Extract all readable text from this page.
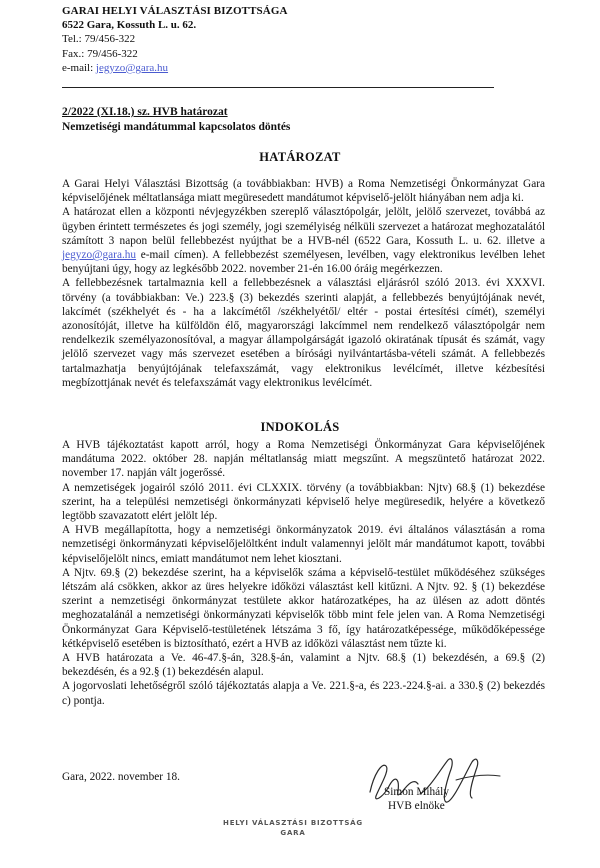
GARAI HELYI VÁLASZTÁSI BIZOTTSÁGA
6522 Gara, Kossuth L. u. 62.
Tel.: 79/456-322
Fax.: 79/456-322
e-mail: jegyzo@gara.hu
2/2022 (XI.18.) sz. HVB határozat
Nemzetiségi mandátummal kapcsolatos döntés
HATÁROZAT

A Garai Helyi Választási Bizottság (a továbbiakban: HVB) a Roma Nemzetiségi Önkormányzat Gara képviselőjének méltatlansága miatt megüresedett mandátumot képviselő-jelölt hiányában nem adja ki.

A határozat ellen a központi névjegyzékben szereplő választópolgár, jelölt, jelölő szervezet, továbbá az ügyben érintett természetes és jogi személy, jogi személyiség nélküli szervezet a határozat meghozatalától számított 3 napon belül fellebbezést nyújthat be a HVB-nél (6522 Gara, Kossuth L. u. 62. illetve a jegyzo@gara.hu e-mail címen). A fellebbezést személyesen, levélben, vagy elektronikus levélben lehet benyújtani úgy, hogy az legkésőbb 2022. november 21-én 16.00 óráig megérkezzen.

A fellebbezésnek tartalmaznia kell a fellebbezésnek a választási eljárásról szóló 2013. évi XXXVI. törvény (a továbbiakban: Ve.) 223.§ (3) bekezdés szerinti alapját, a fellebbezés benyújtójának nevét, lakcímét (székhelyét és - ha a lakcímétől /székhelyétől/ eltér - postai értesítési címét), személyi azonosítóját, illetve ha külföldön élő, magyarországi lakcímmel nem rendelkező választópolgár nem rendelkezik személyazonosítóval, a magyar állampolgárságát igazoló okiratának típusát és számát, vagy jelölő szervezet vagy más szervezet esetében a bírósági nyilvántartásba-vételi számát. A fellebbezés tartalmazhatja benyújtójának telefaxszámát, vagy elektronikus levélcímét, illetve kézbesítési megbízottjának nevét és telefaxszámát vagy elektronikus levélcímét.

INDOKOLÁS

A HVB tájékoztatást kapott arról, hogy a Roma Nemzetiségi Önkormányzat Gara képviselőjének mandátuma 2022. október 28. napján méltatlanság miatt megszűnt. A megszüntető határozat 2022. november 17. napján vált jogerőssé.

A nemzetiségek jogairól szóló 2011. évi CLXXIX. törvény (a továbbiakban: Njtv) 68.§ (1) bekezdése szerint, ha a települési nemzetiségi önkormányzati képviselő helye megüresedik, helyére a következő legtöbb szavazatott elért jelölt lép.

A HVB megállapította, hogy a nemzetiségi önkormányzatok 2019. évi általános választásán a roma nemzetiségi önkormányzati képviselőjelöltként indult valamennyi jelölt már mandátumot kapott, további képviselőjelölt nincs, emiatt mandátumot nem lehet kiosztani.

A Njtv. 69.§ (2) bekezdése szerint, ha a képviselők száma a képviselő-testület működéséhez szükséges létszám alá csökken, akkor az üres helyekre időközi választást kell kitűzni. A Njtv. 92. § (1) bekezdése szerint a nemzetiségi önkormányzat testülete akkor határozatképes, ha az ülésen az adott döntés meghozatalánál a nemzetiségi önkormányzati képviselők több mint fele jelen van. A Roma Nemzetiségi Önkormányzat Gara Képviselő-testületének létszáma 3 fő, így határozatképessége, működőképessége kétképviselő esetében is biztosítható, ezért a HVB az időközi választást nem tűzte ki.

A HVB határozata a Ve. 46-47.§-án, 328.§-án, valamint a Njtv. 68.§ (1) bekezdésén, a 69.§ (2) bekezdésén, és a 92.§ (1) bekezdésén alapul.

A jogorvoslati lehetőségről szóló tájékoztatás alapja a Ve. 221.§-a, és 223.-224.§-ai. a 330.§ (2) bekezdés c) pontja.

Gara, 2022. november 18.
Simon Mihály
HVB elnöke
HELYI VÁLASZTÁSI BIZOTTSÁG
GARA
